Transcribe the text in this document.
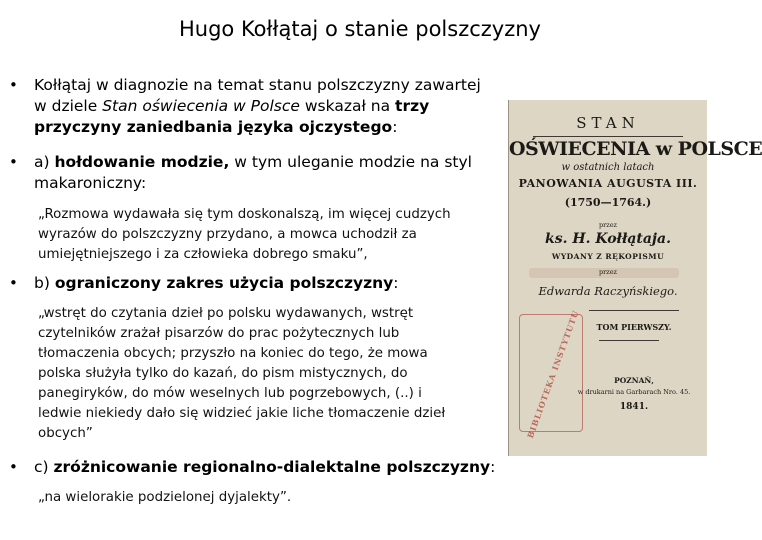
Hugo Kołłątaj o stanie polszczyzny
• Kołłątaj w diagnozie na temat stanu polszczyzny zawartej
w dziele Stan oświecenia w Polsce wskazał na trzy
przyczyny zaniedbania języka ojczystego:
• a) hołdowanie modzie, w tym uleganie modzie na styl
makaroniczny:
„Rozmowa wydawała się tym doskonalszą, im więcej cudzych
wyrazów do polszczyzny przydano, a mowca uchodził za
umiejętniejszego i za człowieka dobrego smaku”,
• b) ograniczony zakres użycia polszczyzny:
„wstręt do czytania dzieł po polsku wydawanych, wstręt
czytelników zrażał pisarzów do prac pożytecznych lub
tłomaczenia obcych; przyszło na koniec do tego, że mowa
polska służyła tylko do kazań, do pism mistycznych, do
panegiryków, do mów weselnych lub pogrzebowych, (..) i
ledwie niekiedy dało się widzieć jakie liche tłomaczenie dzieł
obcych”
• c) zróżnicowanie regionalno-dialektalne polszczyzny:
„na wielorakie podzielonej dyjalekty”.
STAN
OŚWIECENIA w POLSCE
w ostatnich latach
PANOWANIA AUGUSTA III.
(1750—1764.)
przez
ks. H. Kołłątaja.
WYDANY Z RĘKOPISMU
przez
Edwarda Raczyńskiego.
TOM PIERWSZY.
POZNAŃ,
w drukarni na Garbarach Nro. 45.
1841.
BIBLIOTEKA INSTYTUTU
